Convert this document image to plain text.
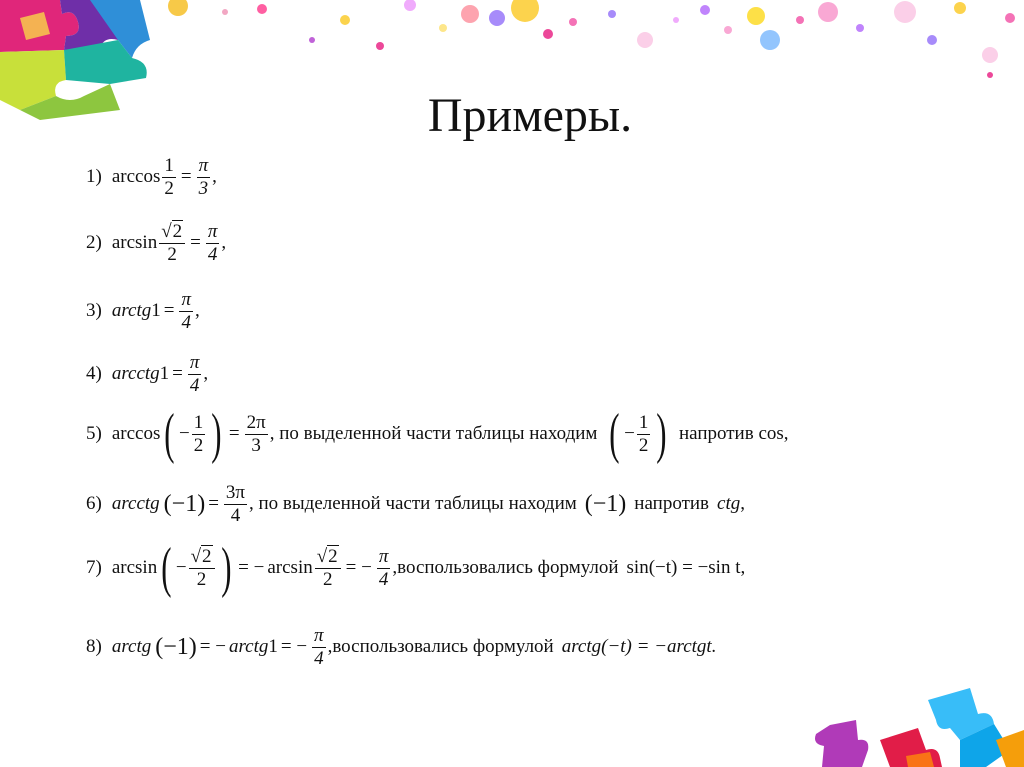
Примеры.
1) $\arccos \frac{1}{2} = \frac{\pi}{3}$ ,
2) $\arcsin \frac{√2}{2} = \frac{\pi}{4}$ ,
3) arctg $1 = \frac{\pi}{4}$ ,
4) arcctg $1 = \frac{\pi}{4}$ ,
5) arccos ( − $\frac{1}{2}$ ) = $\frac{2\pi}{3}$ , по выделенной части таблицы находим ( − $\frac{1}{2}$ ) напротив cos,
6) arcctg $(-1) = \frac{3\pi}{4}$ , по выделенной части таблицы находим (−1) напротив ctg ,
7) arcsin ( − $\frac{√2}{2}$ ) = − $\arcsin \frac{√2}{2}$ = − $\frac{\pi}{4}$ ,воспользовались формулой sin(−t) = −sin t,
8) arctg (−1) = − arctg 1 = − $\frac{\pi}{4}$ ,воспользовались формулой arctg(−t) = −arctgt.
